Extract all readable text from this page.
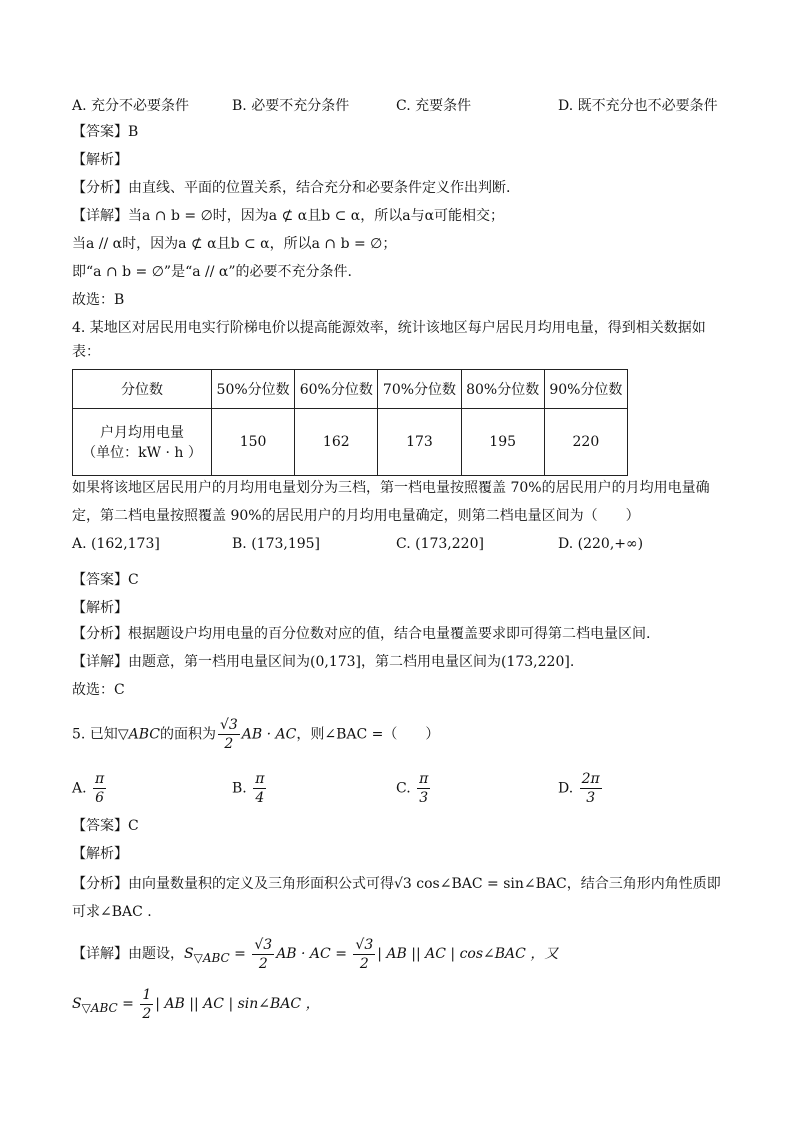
A. 充分不必要条件	B. 必要不充分条件	C. 充要条件	D. 既不充分也不必要条件
【答案】B
【解析】
【分析】由直线、平面的位置关系，结合充分和必要条件定义作出判断.
【详解】当a ∩ b = ∅时，因为a ⊄ α且b ⊂ α，所以a与α可能相交；
当a // α时，因为a ⊄ α且b ⊂ α，所以a ∩ b = ∅；
即“a ∩ b = ∅”是“a // α”的必要不充分条件.
故选：B
4. 某地区对居民用电实行阶梯电价以提高能源效率，统计该地区每户居民月均用电量，得到相关数据如
表：
分位数	50%分位数	60%分位数	70%分位数	80%分位数	90%分位数

户月均用电量
（单位：kW · h ）	150	162	173	195	220
如果将该地区居民用户的月均用电量划分为三档，第一档电量按照覆盖 70%的居民用户的月均用电量确
定，第二档电量按照覆盖 90%的居民用户的月均用电量确定，则第二档电量区间为（　　）
A. (162,173]	B. (173,195]	C. (173,220]	D. (220,+∞)
【答案】C
【解析】
【分析】根据题设户均用电量的百分位数对应的值，结合电量覆盖要求即可得第二档电量区间.
【详解】由题意，第一档用电量区间为(0,173]，第二档用电量区间为(173,220].
故选：C
5. 已知▽ABC的面积为 $\frac{√3}{2}$ AB · AC，则∠BAC =（　　）
A. $\frac{\pi}{6}$	B. $\frac{\pi}{4}$	C. $\frac{\pi}{3}$	D. $\frac{2\pi}{3}$
【答案】C
【解析】
【分析】由向量数量积的定义及三角形面积公式可得√3 cos∠BAC = sin∠BAC，结合三角形内角性质即
可求∠BAC .
【详解】由题设，$S_{▽ABC} = \frac{√3}{2}$ AB · AC = $\frac{√3}{2}$ | AB || AC | cos∠BAC ，又
$S_{▽ABC} = \frac{1}{2}$ | AB || AC | sin∠BAC ，
